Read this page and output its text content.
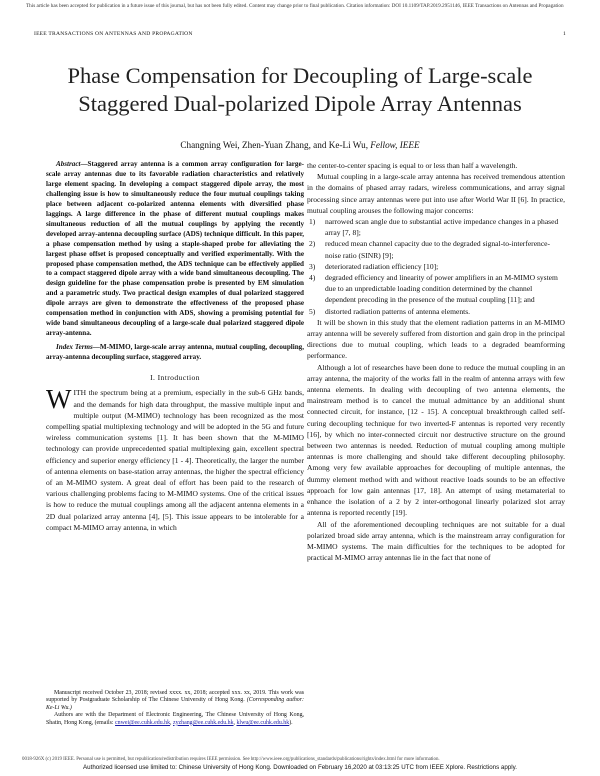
This article has been accepted for publication in a future issue of this journal, but has not been fully edited. Content may change prior to final publication. Citation information: DOI 10.1109/TAP.2019.2951146, IEEE Transactions on Antennas and Propagation
IEEE TRANSACTIONS ON ANTENNAS AND PROPAGATION	1
Phase Compensation for Decoupling of Large-scale Staggered Dual-polarized Dipole Array Antennas
Changning Wei, Zhen-Yuan Zhang, and Ke-Li Wu, Fellow, IEEE

Abstract—Staggered array antenna is a common array configuration for large-scale array antennas due to its favorable radiation characteristics and relatively large element spacing. In developing a compact staggered dipole array, the most challenging issue is how to simultaneously reduce the four mutual couplings taking place between adjacent co-polarized antenna elements with diversified phase laggings. A large difference in the phase of different mutual couplings makes simultaneous reduction of all the mutual couplings by applying the recently developed array-antenna decoupling surface (ADS) technique difficult. In this paper, a phase compensation method by using a staple-shaped probe for alleviating the largest phase offset is proposed conceptually and verified experimentally. With the proposed phase compensation method, the ADS technique can be effectively applied to a compact staggered dipole array with a wide band simultaneous decoupling. The design guideline for the phase compensation probe is presented by EM simulation and a parametric study. Two practical design examples of dual polarized staggered dipole arrays are given to demonstrate the effectiveness of the proposed phase compensation method in conjunction with ADS, showing a promising potential for wide band simultaneous decoupling of a large-scale dual polarized staggered dipole array-antenna.

Index Terms—M-MIMO, large-scale array antenna, mutual coupling, decoupling, array-antenna decoupling surface, staggered array.

I. Introduction

WITH the spectrum being at a premium, especially in the sub-6 GHz bands, and the demands for high data throughput, the massive multiple input and multiple output (M-MIMO) technology has been recognized as the most compelling spatial multiplexing technology and will be adopted in the 5G and future wireless communication systems [1]. It has been shown that the M-MIMO technology can provide unprecedented spatial multiplexing gain, excellent spectral efficiency and superior energy efficiency [1 - 4]. Theoretically, the larger the number of antenna elements on base-station array antennas, the higher the spectral efficiency of an M-MIMO system. A great deal of effort has been paid to the research of various challenging problems facing to M-MIMO systems. One of the critical issues is how to reduce the mutual couplings among all the adjacent antenna elements in a 2D dual polarized array antenna [4], [5]. This issue appears to be intolerable for a compact M-MIMO array antenna, in which

Manuscript received October 23, 2018; revised xxxx. xx, 2018; accepted xxx. xx, 2019. This work was supported by Postgraduate Scholarship of The Chinese University of Hong Kong. (Corresponding author: Ke-Li Wu.)

Authors are with the Department of Electronic Engineering, The Chinese University of Hong Kong, Shatin, Hong Kong, (emails: cnwei@ee.cuhk.edu.hk, zyzhang@ee.cuhk.edu.hk, klwu@ee.cuhk.edu.hk).

the center-to-center spacing is equal to or less than half a wavelength.

Mutual coupling in a large-scale array antenna has received tremendous attention in the domains of phased array radars, wireless communications, and array signal processing since array antennas were put into use after World War II [6]. In practice, mutual coupling arouses the following major concerns:

1) narrowed scan angle due to substantial active impedance changes in a phased array [7, 8];
2) reduced mean channel capacity due to the degraded signal-to-interference-noise ratio (SINR) [9];
3) deteriorated radiation efficiency [10];
4) degraded efficiency and linearity of power amplifiers in an M-MIMO system due to an unpredictable loading condition determined by the channel dependent precoding in the presence of the mutual coupling [11]; and
5) distorted radiation patterns of antenna elements.

It will be shown in this study that the element radiation patterns in an M-MIMO array antenna will be severely suffered from distortion and gain drop in the principal directions due to mutual coupling, which leads to a degraded beamforming performance.

Although a lot of researches have been done to reduce the mutual coupling in an array antenna, the majority of the works fall in the realm of antenna arrays with few antenna elements. In dealing with decoupling of two antenna elements, the mainstream method is to cancel the mutual admittance by an additional shunt connected circuit, for instance, [12 - 15]. A conceptual breakthrough called self-curing decoupling technique for two inverted-F antennas is reported very recently [16], by which no inter-connected circuit nor destructive structure on the ground between two antennas is needed. Reduction of mutual coupling among multiple antennas is more challenging and should take different decoupling philosophy. Among very few available approaches for decoupling of multiple antennas, the dummy element method with and without reactive loads sounds to be an effective approach for low gain antennas [17, 18]. An attempt of using metamaterial to enhance the isolation of a 2 by 2 inter-orthogonal linearly polarized slot array antenna is reported recently [19].

All of the aforementioned decoupling techniques are not suitable for a dual polarized broad side array antenna, which is the mainstream array configuration for M-MIMO systems. The main difficulties for the techniques to be adopted for practical M-MIMO array antennas lie in the fact that none of

0018-926X (c) 2019 IEEE. Personal use is permitted, but republication/redistribution requires IEEE permission. See http://www.ieee.org/publications_standards/publications/rights/index.html for more information.
Authorized licensed use limited to: Chinese University of Hong Kong. Downloaded on February 16,2020 at 03:13:25 UTC from IEEE Xplore. Restrictions apply.
